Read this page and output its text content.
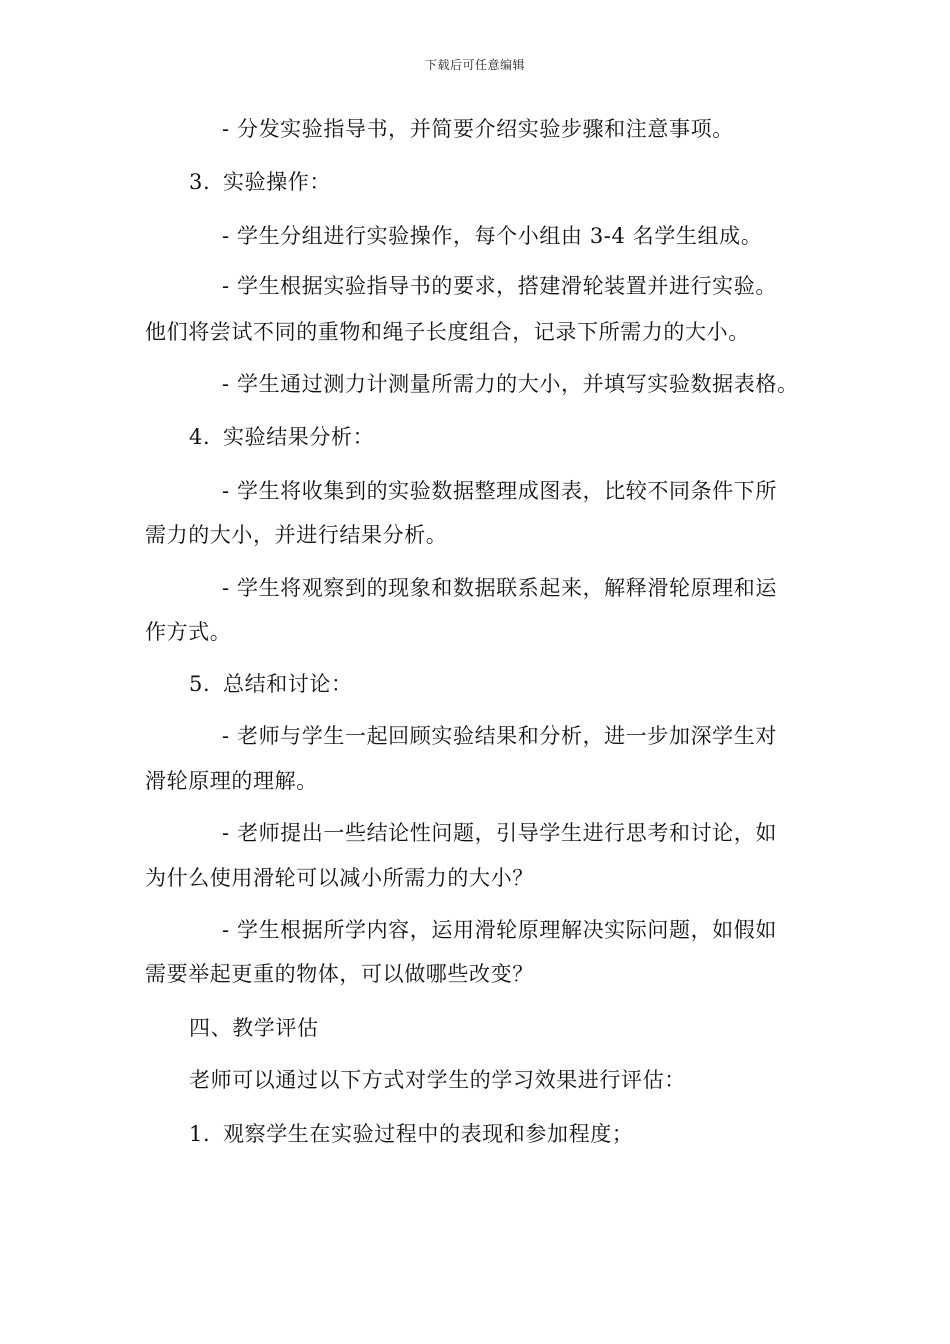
下载后可任意编辑
- 分发实验指导书，并简要介绍实验步骤和注意事项。
3. 实验操作：
- 学生分组进行实验操作，每个小组由 3-4 名学生组成。
- 学生根据实验指导书的要求，搭建滑轮装置并进行实验。
他们将尝试不同的重物和绳子长度组合，记录下所需力的大小。
- 学生通过测力计测量所需力的大小，并填写实验数据表格。
4. 实验结果分析：
- 学生将收集到的实验数据整理成图表，比较不同条件下所
需力的大小，并进行结果分析。
- 学生将观察到的现象和数据联系起来，解释滑轮原理和运
作方式。
5. 总结和讨论：
- 老师与学生一起回顾实验结果和分析，进一步加深学生对
滑轮原理的理解。
- 老师提出一些结论性问题，引导学生进行思考和讨论，如
为什么使用滑轮可以减小所需力的大小？
- 学生根据所学内容，运用滑轮原理解决实际问题，如假如
需要举起更重的物体，可以做哪些改变？
四、教学评估
老师可以通过以下方式对学生的学习效果进行评估：
1. 观察学生在实验过程中的表现和参加程度；
